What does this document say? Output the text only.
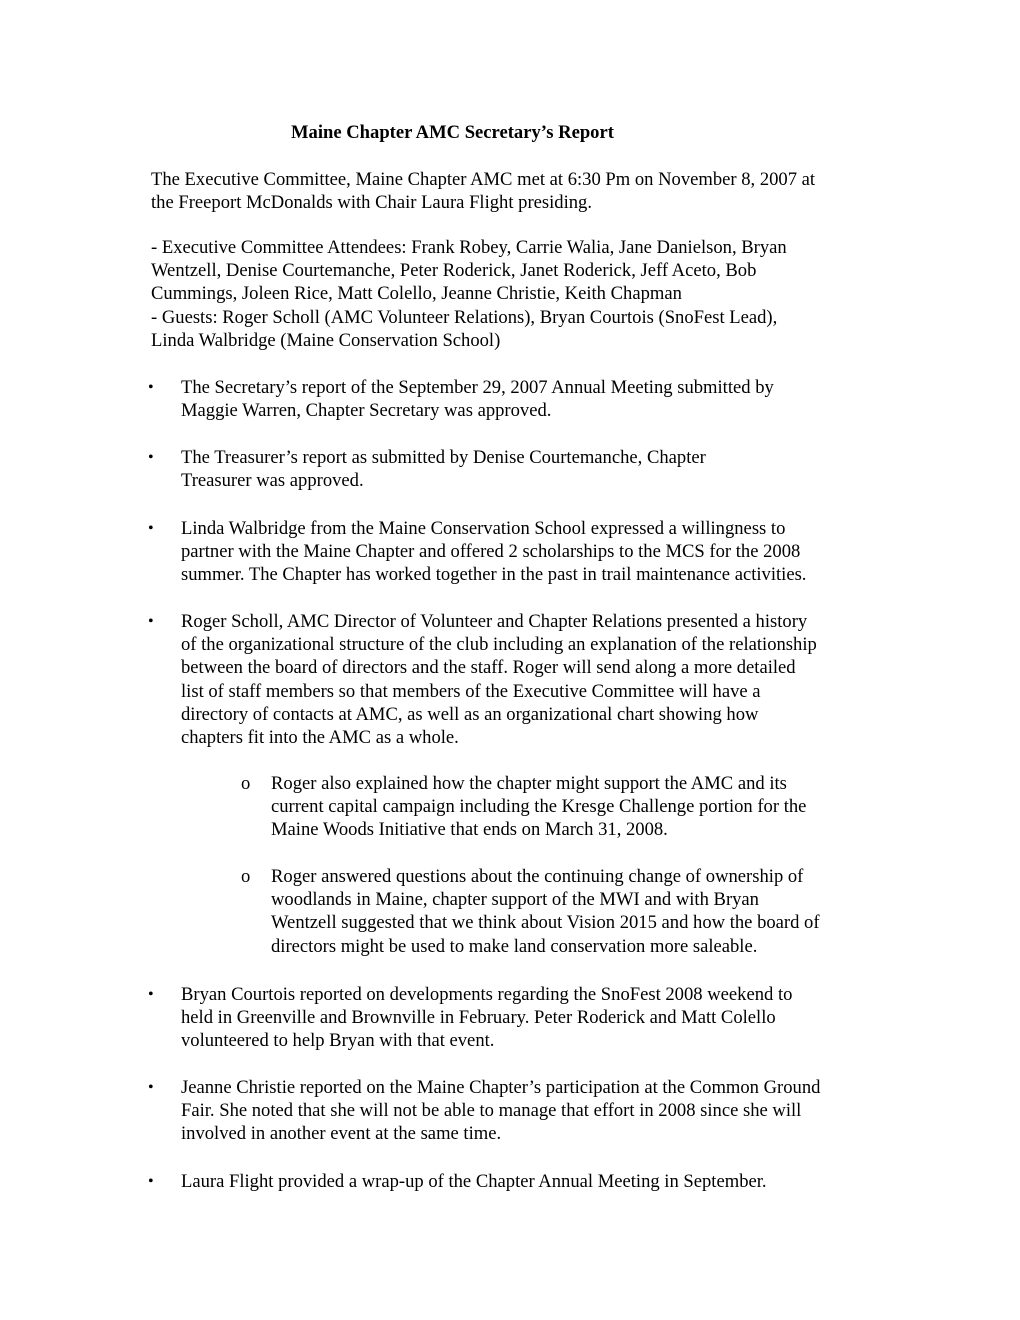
Maine Chapter AMC Secretary’s Report
The Executive Committee, Maine Chapter AMC met at 6:30 Pm on November 8, 2007 at
the Freeport McDonalds with Chair Laura Flight presiding.
- Executive Committee Attendees: Frank Robey, Carrie Walia, Jane Danielson, Bryan
Wentzell, Denise Courtemanche, Peter Roderick, Janet Roderick, Jeff Aceto, Bob
Cummings, Joleen Rice, Matt Colello, Jeanne Christie, Keith Chapman
- Guests: Roger Scholl (AMC Volunteer Relations), Bryan Courtois (SnoFest Lead),
Linda Walbridge (Maine Conservation School)
• The Secretary’s report of the September 29, 2007 Annual Meeting submitted by
Maggie Warren, Chapter Secretary was approved.
• The Treasurer’s report as submitted by Denise Courtemanche, Chapter
Treasurer was approved.
• Linda Walbridge from the Maine Conservation School expressed a willingness to
partner with the Maine Chapter and offered 2 scholarships to the MCS for the 2008
summer. The Chapter has worked together in the past in trail maintenance activities.
• Roger Scholl, AMC Director of Volunteer and Chapter Relations presented a history
of the organizational structure of the club including an explanation of the relationship
between the board of directors and the staff. Roger will send along a more detailed
list of staff members so that members of the Executive Committee will have a
directory of contacts at AMC, as well as an organizational chart showing how
chapters fit into the AMC as a whole.
• Bryan Courtois reported on developments regarding the SnoFest 2008 weekend to
held in Greenville and Brownville in February. Peter Roderick and Matt Colello
volunteered to help Bryan with that event.
• Jeanne Christie reported on the Maine Chapter’s participation at the Common Ground
Fair. She noted that she will not be able to manage that effort in 2008 since she will
involved in another event at the same time.
• Laura Flight provided a wrap-up of the Chapter Annual Meeting in September.
o Roger also explained how the chapter might support the AMC and its
current capital campaign including the Kresge Challenge portion for the
Maine Woods Initiative that ends on March 31, 2008.
o Roger answered questions about the continuing change of ownership of
woodlands in Maine, chapter support of the MWI and with Bryan
Wentzell suggested that we think about Vision 2015 and how the board of
directors might be used to make land conservation more saleable.
